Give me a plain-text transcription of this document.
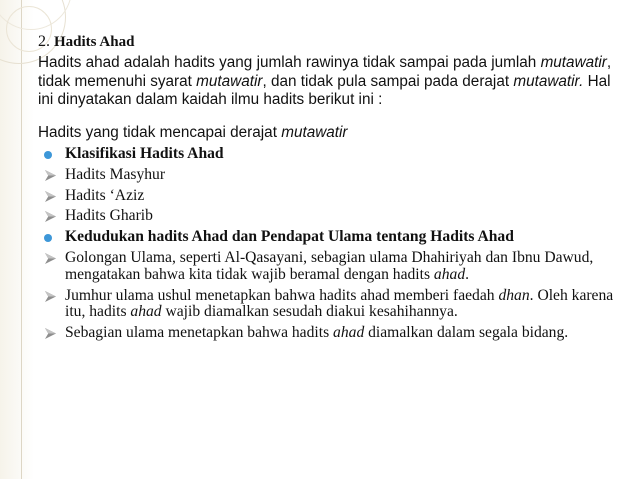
2. Hadits Ahad

Hadits ahad adalah hadits yang jumlah rawinya tidak sampai pada jumlah mutawatir, tidak memenuhi syarat mutawatir, dan tidak pula sampai pada derajat mutawatir. Hal ini dinyatakan dalam kaidah ilmu hadits berikut ini :

Hadits yang tidak mencapai derajat mutawatir

Klasifikasi Hadits Ahad
Hadits Masyhur
Hadits ‘Aziz
Hadits Gharib
Kedudukan hadits Ahad dan Pendapat Ulama tentang Hadits Ahad
Golongan Ulama, seperti Al-Qasayani, sebagian ulama Dhahiriyah dan Ibnu Dawud, mengatakan bahwa kita tidak wajib beramal dengan hadits ahad.
Jumhur ulama ushul menetapkan bahwa hadits ahad memberi faedah dhan. Oleh karena itu, hadits ahad wajib diamalkan sesudah diakui kesahihannya.
Sebagian ulama menetapkan bahwa hadits ahad diamalkan dalam segala bidang.
